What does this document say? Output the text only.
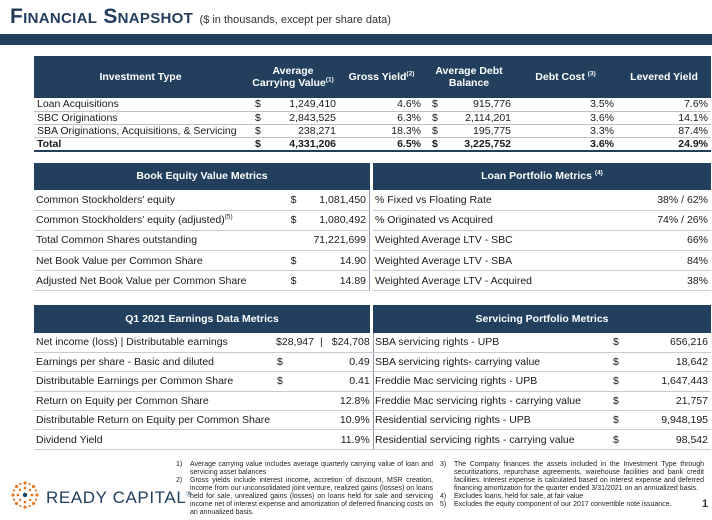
Financial Snapshot ($ in thousands, except per share data)
Investment Type	Average Carrying Value$^{(1)}$		Gross Yield$^{(2)}$	Average Debt Balance		Debt Cost $^{(3)}$	Levered Yield
Loan Acquisitions	$	1,249,410	4.6%	$	915,776	3.5%	7.6%
SBC Originations	$	2,843,525	6.3%	$	2,114,201	3.6%	14.1%
SBA Originations, Acquisitions, & Servicing	$	238,271	18.3%	$	195,775	3.3%	87.4%
Total	$	4,331,206	6.5%	$	3,225,752	3.6%	24.9%
Book Equity Value Metrics
Common Stockholders' equity	$	1,081,450
Common Stockholders' equity (adjusted)$^{(5)}$	$	1,080,492
Total Common Shares outstanding		71,221,699
Net Book Value per Common Share	$	14.90
Adjusted Net Book Value per Common Share	$	14.89
Loan Portfolio Metrics $^{(4)}$
% Fixed vs Floating Rate	38% / 62%
% Originated vs Acquired	74% / 26%
Weighted Average LTV - SBC	66%
Weighted Average LTV - SBA	84%
Weighted Average LTV - Acquired	38%
Q1 2021 Earnings Data Metrics
Net income (loss) | Distributable earnings	$28,947	| $24,708
Earnings per share - Basic and diluted	$	0.49
Distributable Earnings per Common Share	$	0.41
Return on Equity per Common Share		12.8%
Distributable Return on Equity per Common Share		10.9%
Dividend Yield		11.9%
Servicing Portfolio Metrics
SBA servicing rights - UPB	$	656,216
SBA servicing rights- carrying value	$	18,642
Freddie Mac servicing rights - UPB	$	1,647,443
Freddie Mac servicing rights - carrying value	$	21,757
Residential servicing rights - UPB	$	9,948,195
Residential servicing rights - carrying value	$	98,542
1)	Average carrying value includes average quarterly carrying value of loan and servicing asset balances
2)	Gross yields include interest income, accretion of discount, MSR creation, income from our unconsolidated joint venture, realized gains (losses) on loans held for sale, unrealized gains (losses) on loans held for sale and servicing income net of interest expense and amortization of deferred financing costs on an annualized basis.
3)	The Company finances the assets included in the Investment Type through securitizations, repurchase agreements, warehouse facilities and bank credit facilities. Interest expense is calculated based on interest expense and deferred financing amortization for the quarter ended 3/31/2021 on an annualized basis.
4)	Excludes loans, held for sale, at fair value
5)	Excludes the equity component of our 2017 convertible note issuance.
READY CAPITAL®
1
